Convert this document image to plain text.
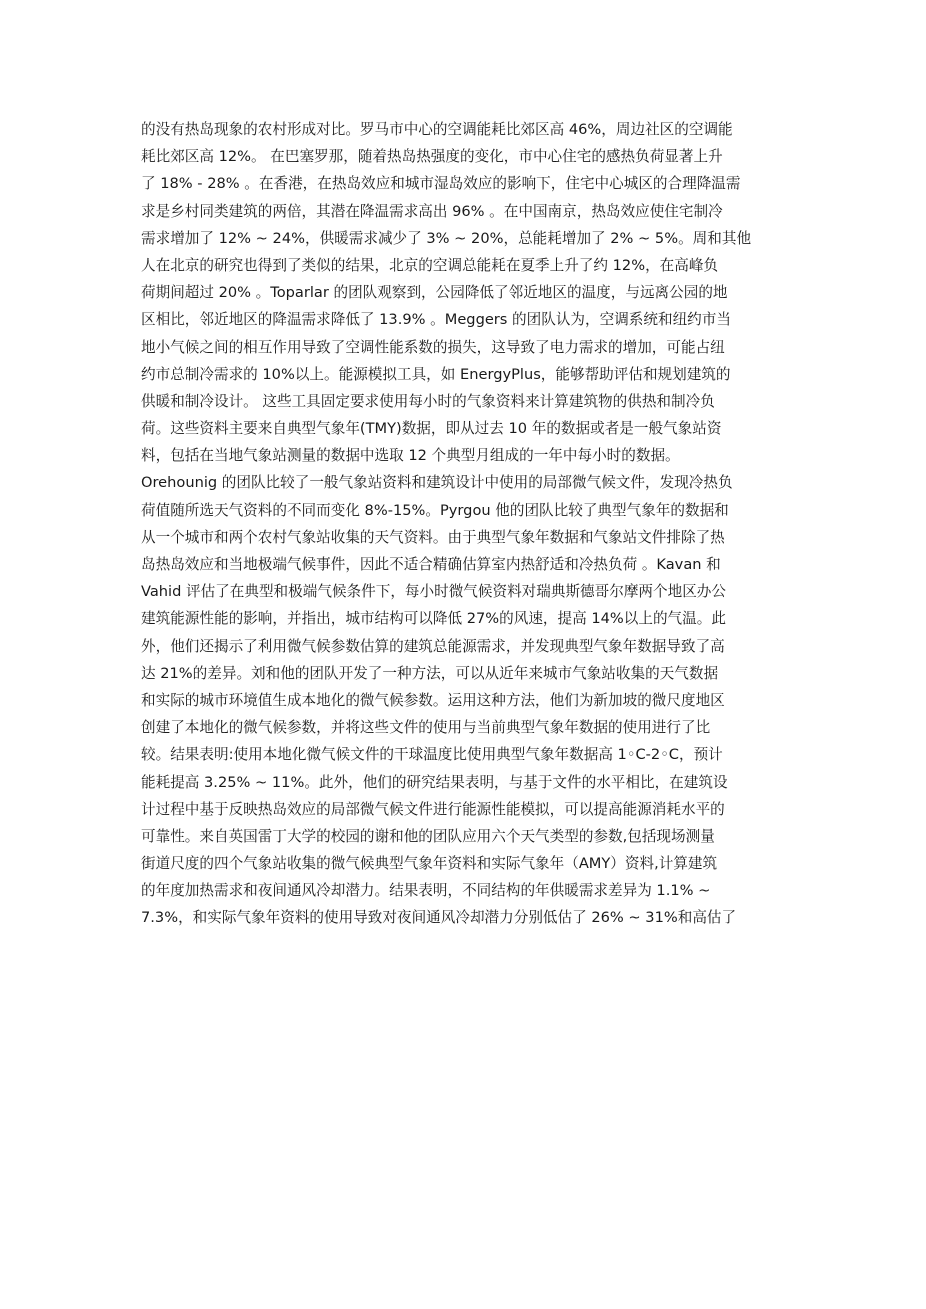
的没有热岛现象的农村形成对比。罗马市中心的空调能耗比郊区高 46%，周边社区的空调能
耗比郊区高 12%。 在巴塞罗那，随着热岛热强度的变化，市中心住宅的感热负荷显著上升
了 18% - 28% 。在香港，在热岛效应和城市湿岛效应的影响下，住宅中心城区的合理降温需
求是乡村同类建筑的两倍，其潜在降温需求高出 96% 。在中国南京，热岛效应使住宅制冷
需求增加了 12% ~ 24%，供暖需求减少了 3% ~ 20%，总能耗增加了 2% ~ 5%。周和其他
人在北京的研究也得到了类似的结果，北京的空调总能耗在夏季上升了约 12%，在高峰负
荷期间超过 20% 。Toparlar 的团队观察到，公园降低了邻近地区的温度，与远离公园的地
区相比，邻近地区的降温需求降低了 13.9% 。Meggers 的团队认为，空调系统和纽约市当
地小气候之间的相互作用导致了空调性能系数的损失，这导致了电力需求的增加，可能占纽
约市总制冷需求的 10%以上。能源模拟工具，如 EnergyPlus，能够帮助评估和规划建筑的
供暖和制冷设计。 这些工具固定要求使用每小时的气象资料来计算建筑物的供热和制冷负
荷。这些资料主要来自典型气象年(TMY)数据，即从过去 10 年的数据或者是一般气象站资
料，包括在当地气象站测量的数据中选取 12 个典型月组成的一年中每小时的数据。
Orehounig 的团队比较了一般气象站资料和建筑设计中使用的局部微气候文件，发现冷热负
荷值随所选天气资料的不同而变化 8%-15%。Pyrgou 他的团队比较了典型气象年的数据和
从一个城市和两个农村气象站收集的天气资料。由于典型气象年数据和气象站文件排除了热
岛热岛效应和当地极端气候事件，因此不适合精确估算室内热舒适和冷热负荷 。Kavan 和
Vahid 评估了在典型和极端气候条件下，每小时微气候资料对瑞典斯德哥尔摩两个地区办公
建筑能源性能的影响，并指出，城市结构可以降低 27%的风速，提高 14%以上的气温。此
外，他们还揭示了利用微气候参数估算的建筑总能源需求，并发现典型气象年数据导致了高
达 21%的差异。刘和他的团队开发了一种方法，可以从近年来城市气象站收集的天气数据
和实际的城市环境值生成本地化的微气候参数。运用这种方法，他们为新加坡的微尺度地区
创建了本地化的微气候参数，并将这些文件的使用与当前典型气象年数据的使用进行了比
较。结果表明:使用本地化微气候文件的干球温度比使用典型气象年数据高 1◦C-2◦C，预计
能耗提高 3.25% ~ 11%。此外，他们的研究结果表明，与基于文件的水平相比，在建筑设
计过程中基于反映热岛效应的局部微气候文件进行能源性能模拟，可以提高能源消耗水平的
可靠性。来自英国雷丁大学的校园的谢和他的团队应用六个天气类型的参数,包括现场测量
街道尺度的四个气象站收集的微气候典型气象年资料和实际气象年（AMY）资料,计算建筑
的年度加热需求和夜间通风冷却潜力。结果表明，不同结构的年供暖需求差异为 1.1% ~
7.3%，和实际气象年资料的使用导致对夜间通风冷却潜力分别低估了 26% ~ 31%和高估了
